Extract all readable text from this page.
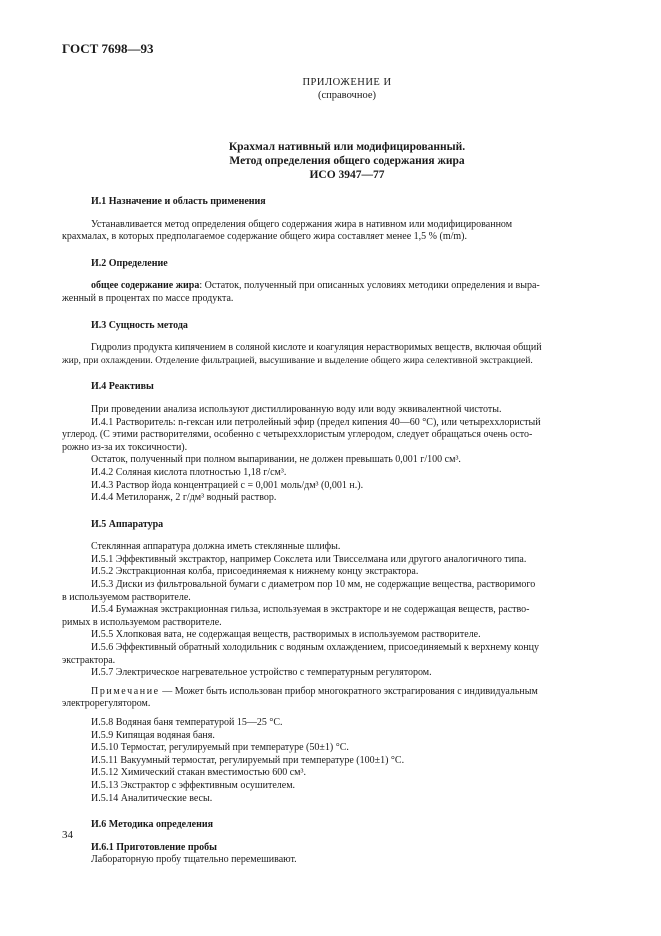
ГОСТ 7698—93
ПРИЛОЖЕНИЕ И
(справочное)
Крахмал нативный или модифицированный.
Метод определения общего содержания жира
ИСО 3947—77

И.1 Назначение и область применения

Устанавливается метод определения общего содержания жира в нативном или модифицированном

крахмалах, в которых предполагаемое содержание общего жира составляет менее 1,5 % (m/m).

И.2 Определение

общее содержание жира: Остаток, полученный при описанных условиях методики определения и выра-

женный в процентах по массе продукта.

И.3 Сущность метода

Гидролиз продукта кипячением в соляной кислоте и коагуляция нерастворимых веществ, включая общий

жир, при охлаждении. Отделение фильтрацией, высушивание и выделение общего жира селективной экстракцией.

И.4 Реактивы

При проведении анализа используют дистиллированную воду или воду эквивалентной чистоты.

И.4.1 Растворитель: n-гексан или петролейный эфир (предел кипения 40—60 °С), или четыреххлористый

углерод. (С этими растворителями, особенно с четыреххлористым углеродом, следует обращаться очень осто-

рожно из-за их токсичности).

Остаток, полученный при полном выпаривании, не должен превышать 0,001 г/100 см³.

И.4.2 Соляная кислота плотностью 1,18 г/см³.

И.4.3 Раствор йода концентрацией c = 0,001 моль/дм³ (0,001 н.).

И.4.4 Метилоранж, 2 г/дм³ водный раствор.

И.5 Аппаратура

Стеклянная аппаратура должна иметь стеклянные шлифы.

И.5.1 Эффективный экстрактор, например Сокслета или Твисселмана или другого аналогичного типа.

И.5.2 Экстракционная колба, присоединяемая к нижнему концу экстрактора.

И.5.3 Диски из фильтровальной бумаги с диаметром пор 10 мм, не содержащие вещества, растворимого

в используемом растворителе.

И.5.4 Бумажная экстракционная гильза, используемая в экстракторе и не содержащая веществ, раство-

римых в используемом растворителе.

И.5.5 Хлопковая вата, не содержащая веществ, растворимых в используемом растворителе.

И.5.6 Эффективный обратный холодильник с водяным охлаждением, присоединяемый к верхнему концу

экстрактора.

И.5.7 Электрическое нагревательное устройство с температурным регулятором.

Примечание — Может быть использован прибор многократного экстрагирования с индивидуальным

электрорегулятором.

И.5.8 Водяная баня температурой 15—25 °С.

И.5.9 Кипящая водяная баня.

И.5.10 Термостат, регулируемый при температуре (50±1) °С.

И.5.11 Вакуумный термостат, регулируемый при температуре (100±1) °С.

И.5.12 Химический стакан вместимостью 600 см³.

И.5.13 Экстрактор с эффективным осушителем.

И.5.14 Аналитические весы.

И.6 Методика определения

И.6.1 Приготовление пробы

Лабораторную пробу тщательно перемешивают.

34
